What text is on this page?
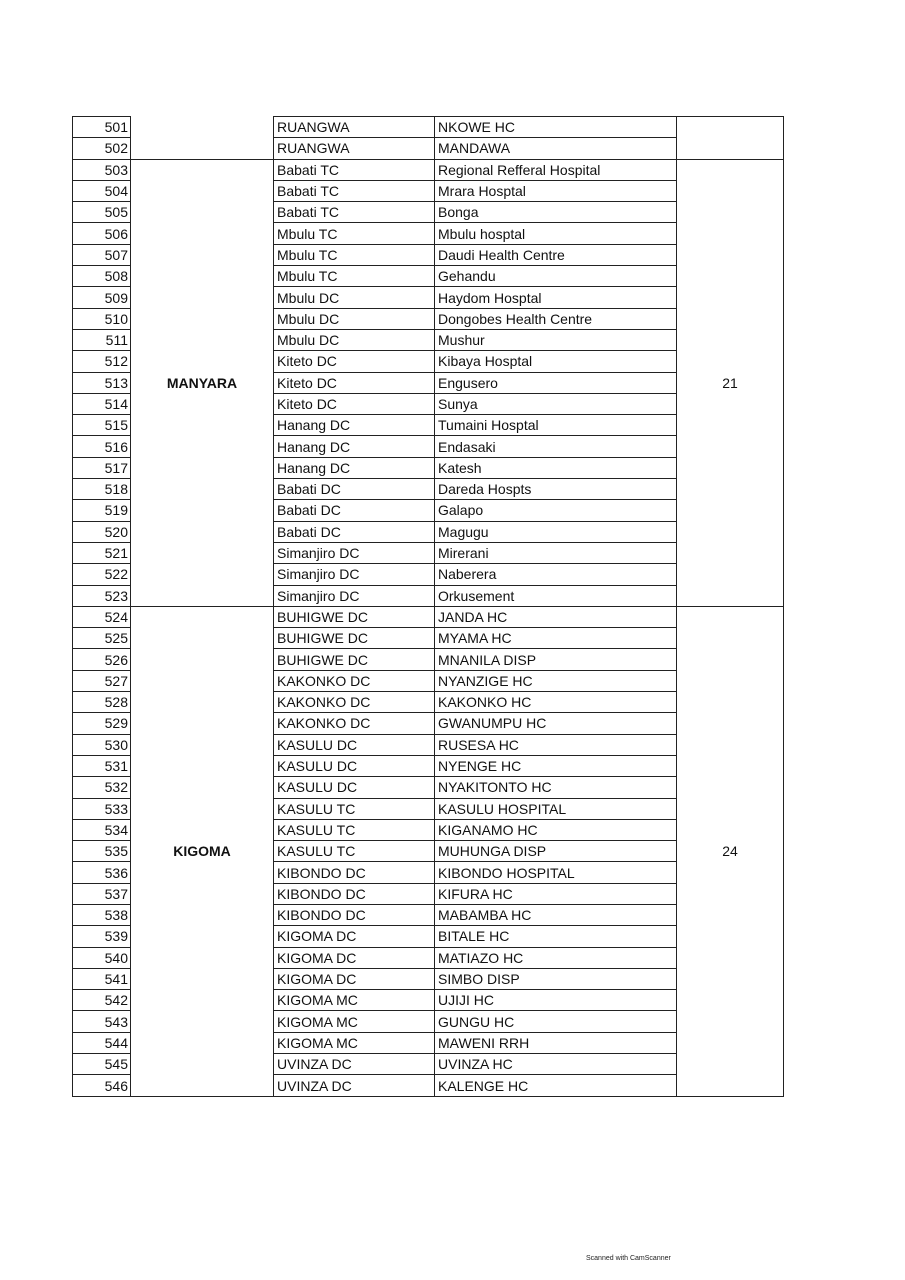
501		RUANGWA	NKOWE HC	
502		RUANGWA	MANDAWA	
503	MANYARA	Babati TC	Regional Refferal Hospital	21
504		Babati TC	Mrara Hosptal	
505		Babati TC	Bonga	
506		Mbulu TC	Mbulu hosptal	
507		Mbulu TC	Daudi Health Centre	
508		Mbulu TC	Gehandu	
509		Mbulu DC	Haydom Hosptal	
510		Mbulu DC	Dongobes Health Centre	
511		Mbulu DC	Mushur	
512		Kiteto DC	Kibaya Hosptal	
513		Kiteto DC	Engusero	
514		Kiteto DC	Sunya	
515		Hanang DC	Tumaini Hosptal	
516		Hanang DC	Endasaki	
517		Hanang DC	Katesh	
518		Babati DC	Dareda Hospts	
519		Babati DC	Galapo	
520		Babati DC	Magugu	
521		Simanjiro DC	Mirerani	
522		Simanjiro DC	Naberera	
523		Simanjiro DC	Orkusement	
524	KIGOMA	BUHIGWE DC	JANDA HC	24
525		BUHIGWE DC	MYAMA HC	
526		BUHIGWE DC	MNANILA DISP	
527		KAKONKO DC	NYANZIGE HC	
528		KAKONKO DC	KAKONKO HC	
529		KAKONKO DC	GWANUMPU HC	
530		KASULU DC	RUSESA HC	
531		KASULU DC	NYENGE HC	
532		KASULU DC	NYAKITONTO HC	
533		KASULU TC	KASULU HOSPITAL	
534		KASULU TC	KIGANAMO HC	
535		KASULU TC	MUHUNGA DISP	
536		KIBONDO DC	KIBONDO HOSPITAL	
537		KIBONDO DC	KIFURA HC	
538		KIBONDO DC	MABAMBA HC	
539		KIGOMA DC	BITALE HC	
540		KIGOMA DC	MATIAZO HC	
541		KIGOMA DC	SIMBO DISP	
542		KIGOMA MC	UJIJI HC	
543		KIGOMA MC	GUNGU HC	
544		KIGOMA MC	MAWENI RRH	
545		UVINZA DC	UVINZA HC	
546		UVINZA DC	KALENGE HC	
Scanned with CamScanner
